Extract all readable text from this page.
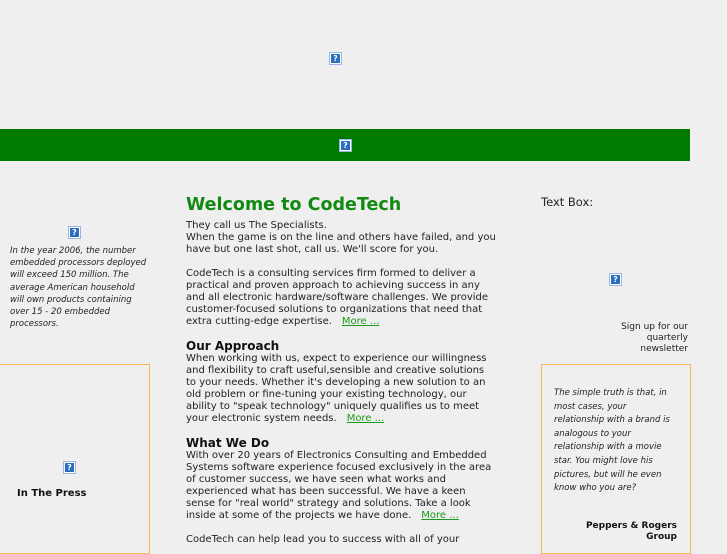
?
?
?
In the year 2006, the number embedded processors deployed will exceed 150 million. The average American household will own products containing over 15 - 20 embedded processors.
?
In The Press
Welcome to CodeTech
They call us The Specialists.
When the game is on the line and others have failed, and you
have but one last shot, call us. We'll score for you.
CodeTech is a consulting services firm formed to deliver a
practical and proven approach to achieving success in any
and all electronic hardware/software challenges. We provide
customer-focused solutions to organizations that need that
extra cutting-edge expertise. More ...
Our Approach
When working with us, expect to experience our willingness
and flexibility to craft useful,sensible and creative solutions
to your needs. Whether it's developing a new solution to an
old problem or fine-tuning your existing technology, our
ability to "speak technology" uniquely qualifies us to meet
your electronic system needs. More ...
What We Do
With over 20 years of Electronics Consulting and Embedded
Systems software experience focused exclusively in the area
of customer success, we have seen what works and
experienced what has been successful. We have a keen
sense for "real world" strategy and solutions. Take a look
inside at some of the projects we have done. More ...
CodeTech can help lead you to success with all of your
Text Box:
?
Sign up for our
quarterly
newsletter
The simple truth is that, in most cases, your relationship with a brand is analogous to your relationship with a movie star. You might love his pictures, but will he even know who you are?
Peppers & Rogers
Group
